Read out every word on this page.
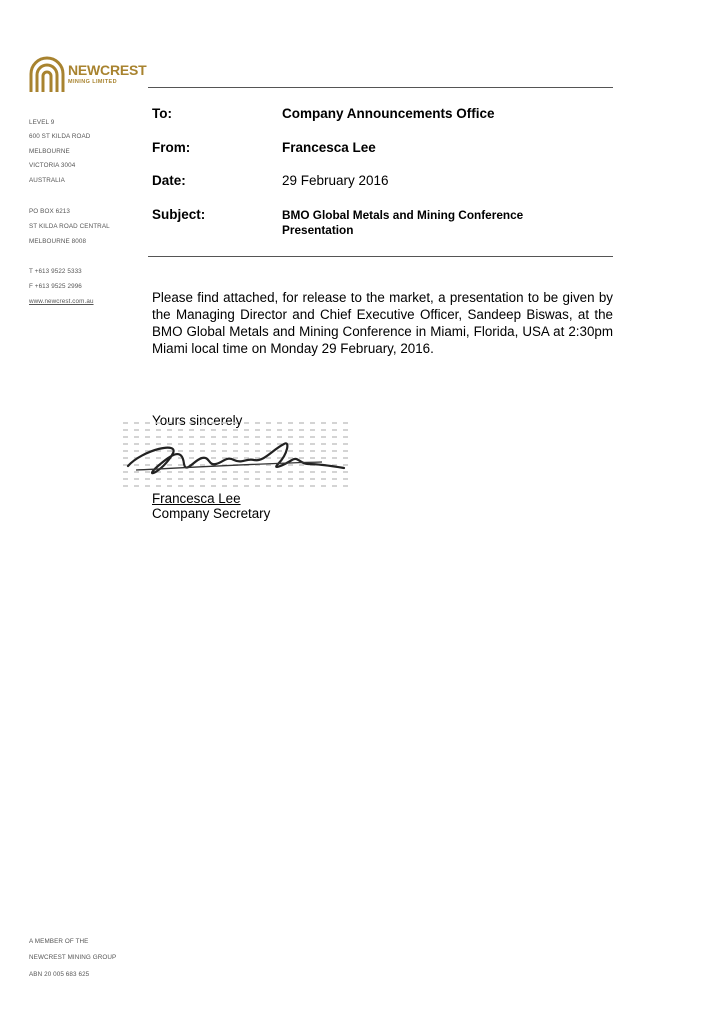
NEWCREST
MINING LIMITED
LEVEL 9
600 ST KILDA ROAD
MELBOURNE
VICTORIA 3004
AUSTRALIA
PO BOX 6213
ST KILDA ROAD CENTRAL
MELBOURNE 8008
T +613 9522 5333
F +613 9525 2996
www.newcrest.com.au
To:	Company Announcements Office
From:	Francesca Lee
Date:	29 February 2016
Subject:	BMO Global Metals and Mining Conference
Presentation
Please find attached, for release to the market, a presentation to be given by the Managing Director and Chief Executive Officer, Sandeep Biswas, at the BMO Global Metals and Mining Conference in Miami, Florida, USA at 2:30pm Miami local time on Monday 29 February, 2016.
Francesca Lee
Company Secretary
A MEMBER OF THE
NEWCREST MINING GROUP
ABN 20 005 683 625
